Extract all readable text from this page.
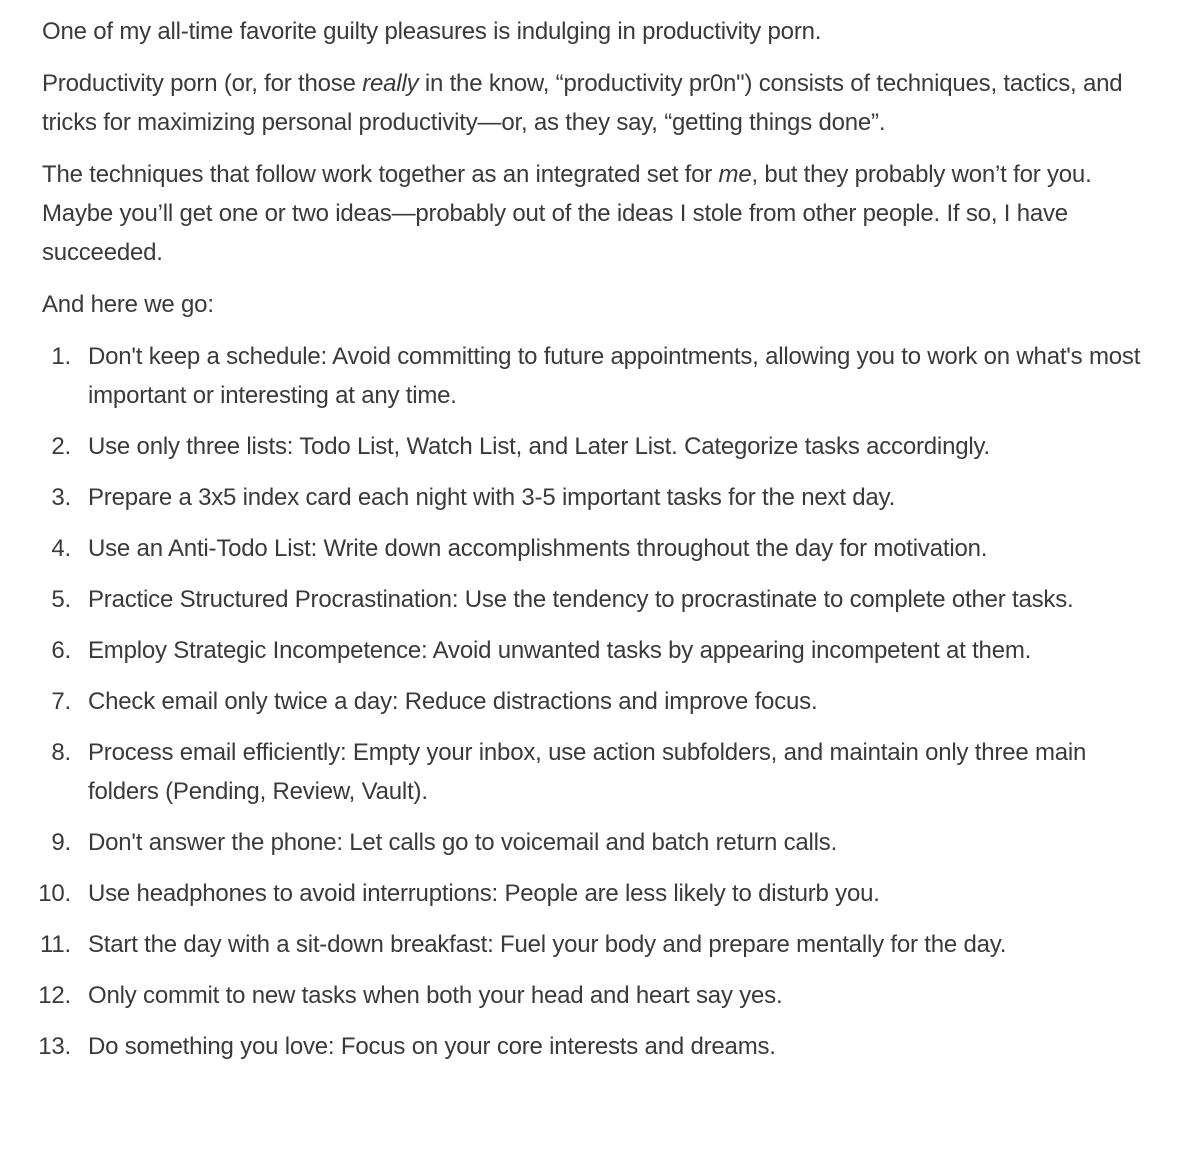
One of my all-time favorite guilty pleasures is indulging in productivity porn.

Productivity porn (or, for those really in the know, “productivity pr0n") consists of techniques, tactics, and tricks for maximizing personal productivity—or, as they say, “getting things done”.

The techniques that follow work together as an integrated set for me, but they probably won’t for you. Maybe you’ll get one or two ideas—probably out of the ideas I stole from other people. If so, I have succeeded.

And here we go:

Don't keep a schedule: Avoid committing to future appointments, allowing you to work on what's most important or interesting at any time.
Use only three lists: Todo List, Watch List, and Later List. Categorize tasks accordingly.
Prepare a 3x5 index card each night with 3-5 important tasks for the next day.
Use an Anti-Todo List: Write down accomplishments throughout the day for motivation.
Practice Structured Procrastination: Use the tendency to procrastinate to complete other tasks.
Employ Strategic Incompetence: Avoid unwanted tasks by appearing incompetent at them.
Check email only twice a day: Reduce distractions and improve focus.
Process email efficiently: Empty your inbox, use action subfolders, and maintain only three main folders (Pending, Review, Vault).
Don't answer the phone: Let calls go to voicemail and batch return calls.
Use headphones to avoid interruptions: People are less likely to disturb you.
Start the day with a sit-down breakfast: Fuel your body and prepare mentally for the day.
Only commit to new tasks when both your head and heart say yes.
Do something you love: Focus on your core interests and dreams.
